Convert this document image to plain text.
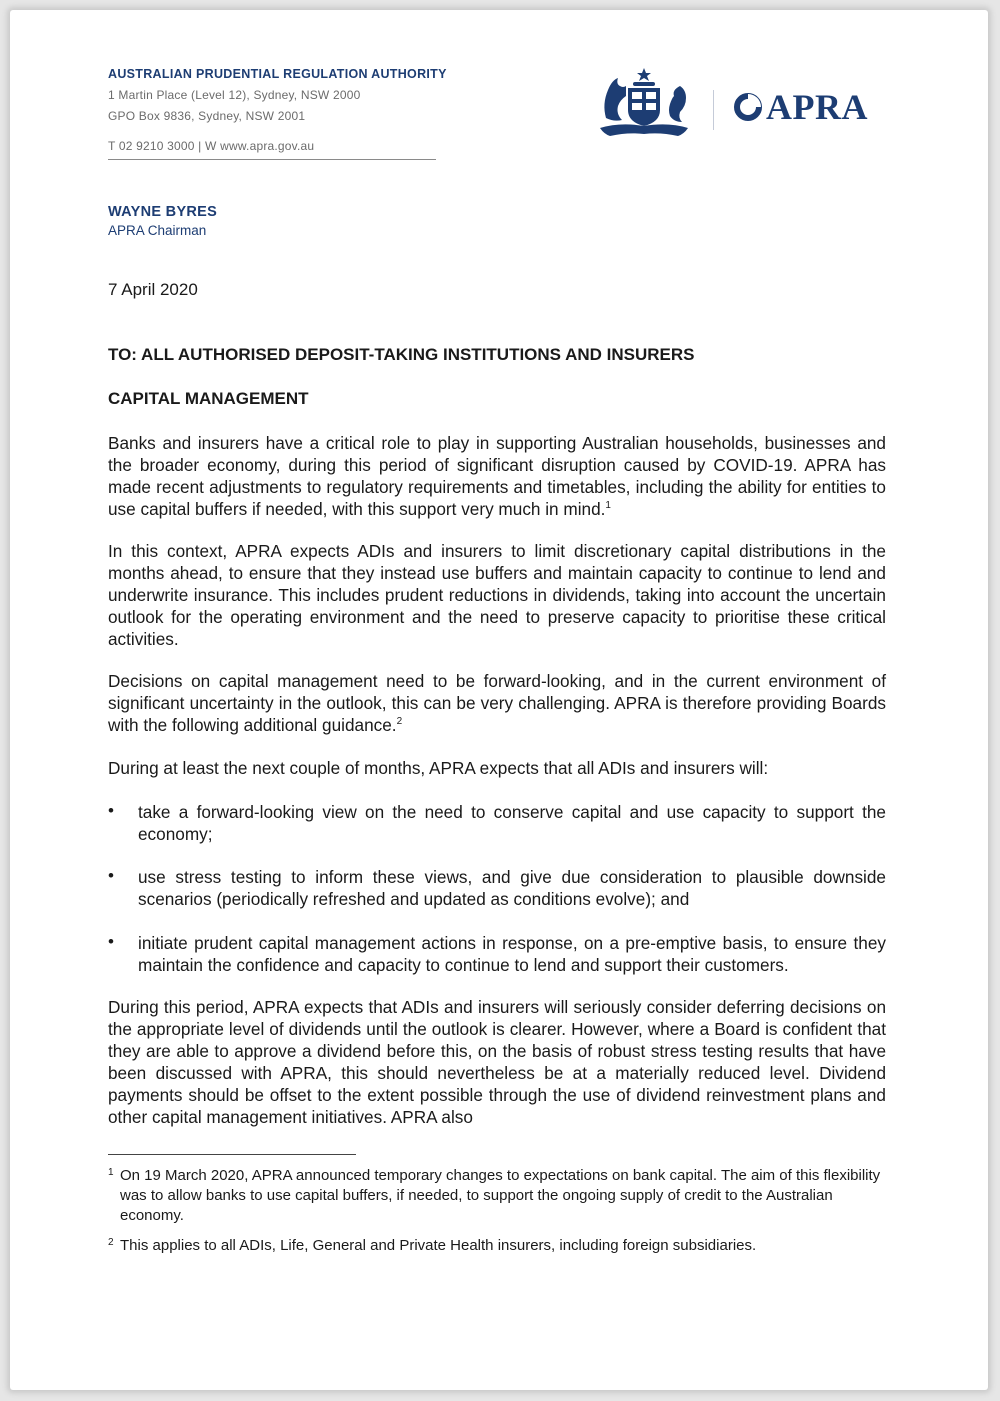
AUSTRALIAN PRUDENTIAL REGULATION AUTHORITY
1 Martin Place (Level 12), Sydney, NSW 2000
GPO Box 9836, Sydney, NSW 2001
T 02 9210 3000 | W www.apra.gov.au
APRA
WAYNE BYRES
APRA Chairman
7 April 2020
TO: ALL AUTHORISED DEPOSIT-TAKING INSTITUTIONS AND INSURERS
CAPITAL MANAGEMENT
Banks and insurers have a critical role to play in supporting Australian households, businesses and the broader economy, during this period of significant disruption caused by COVID-19. APRA has made recent adjustments to regulatory requirements and timetables, including the ability for entities to use capital buffers if needed, with this support very much in mind.$^1$
In this context, APRA expects ADIs and insurers to limit discretionary capital distributions in the months ahead, to ensure that they instead use buffers and maintain capacity to continue to lend and underwrite insurance. This includes prudent reductions in dividends, taking into account the uncertain outlook for the operating environment and the need to preserve capacity to prioritise these critical activities.
Decisions on capital management need to be forward-looking, and in the current environment of significant uncertainty in the outlook, this can be very challenging. APRA is therefore providing Boards with the following additional guidance.$^2$
During at least the next couple of months, APRA expects that all ADIs and insurers will:
• take a forward-looking view on the need to conserve capital and use capacity to support the economy;
• use stress testing to inform these views, and give due consideration to plausible downside scenarios (periodically refreshed and updated as conditions evolve); and
• initiate prudent capital management actions in response, on a pre-emptive basis, to ensure they maintain the confidence and capacity to continue to lend and support their customers.
During this period, APRA expects that ADIs and insurers will seriously consider deferring decisions on the appropriate level of dividends until the outlook is clearer. However, where a Board is confident that they are able to approve a dividend before this, on the basis of robust stress testing results that have been discussed with APRA, this should nevertheless be at a materially reduced level. Dividend payments should be offset to the extent possible through the use of dividend reinvestment plans and other capital management initiatives. APRA also
1 On 19 March 2020, APRA announced temporary changes to expectations on bank capital. The aim of this flexibility was to allow banks to use capital buffers, if needed, to support the ongoing supply of credit to the Australian economy.
2 This applies to all ADIs, Life, General and Private Health insurers, including foreign subsidiaries.
